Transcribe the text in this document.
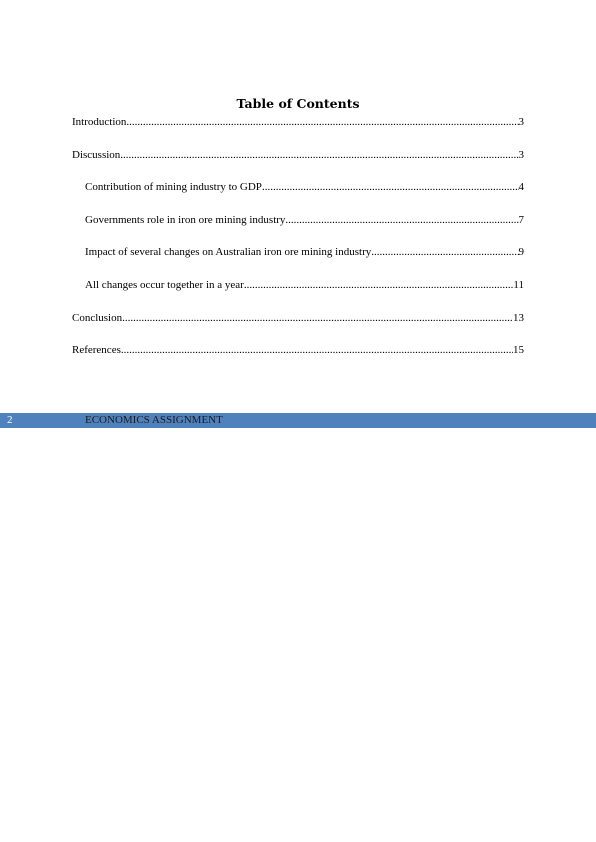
Table of Contents
Introduction .....	3
Discussion .....	3
Contribution of mining industry to GDP .....	4
Governments role in iron ore mining industry .....	7
Impact of several changes on Australian iron ore mining industry .....	9
All changes occur together in a year .....	11
Conclusion .....	13
References .....	15
2	ECONOMICS ASSIGNMENT
